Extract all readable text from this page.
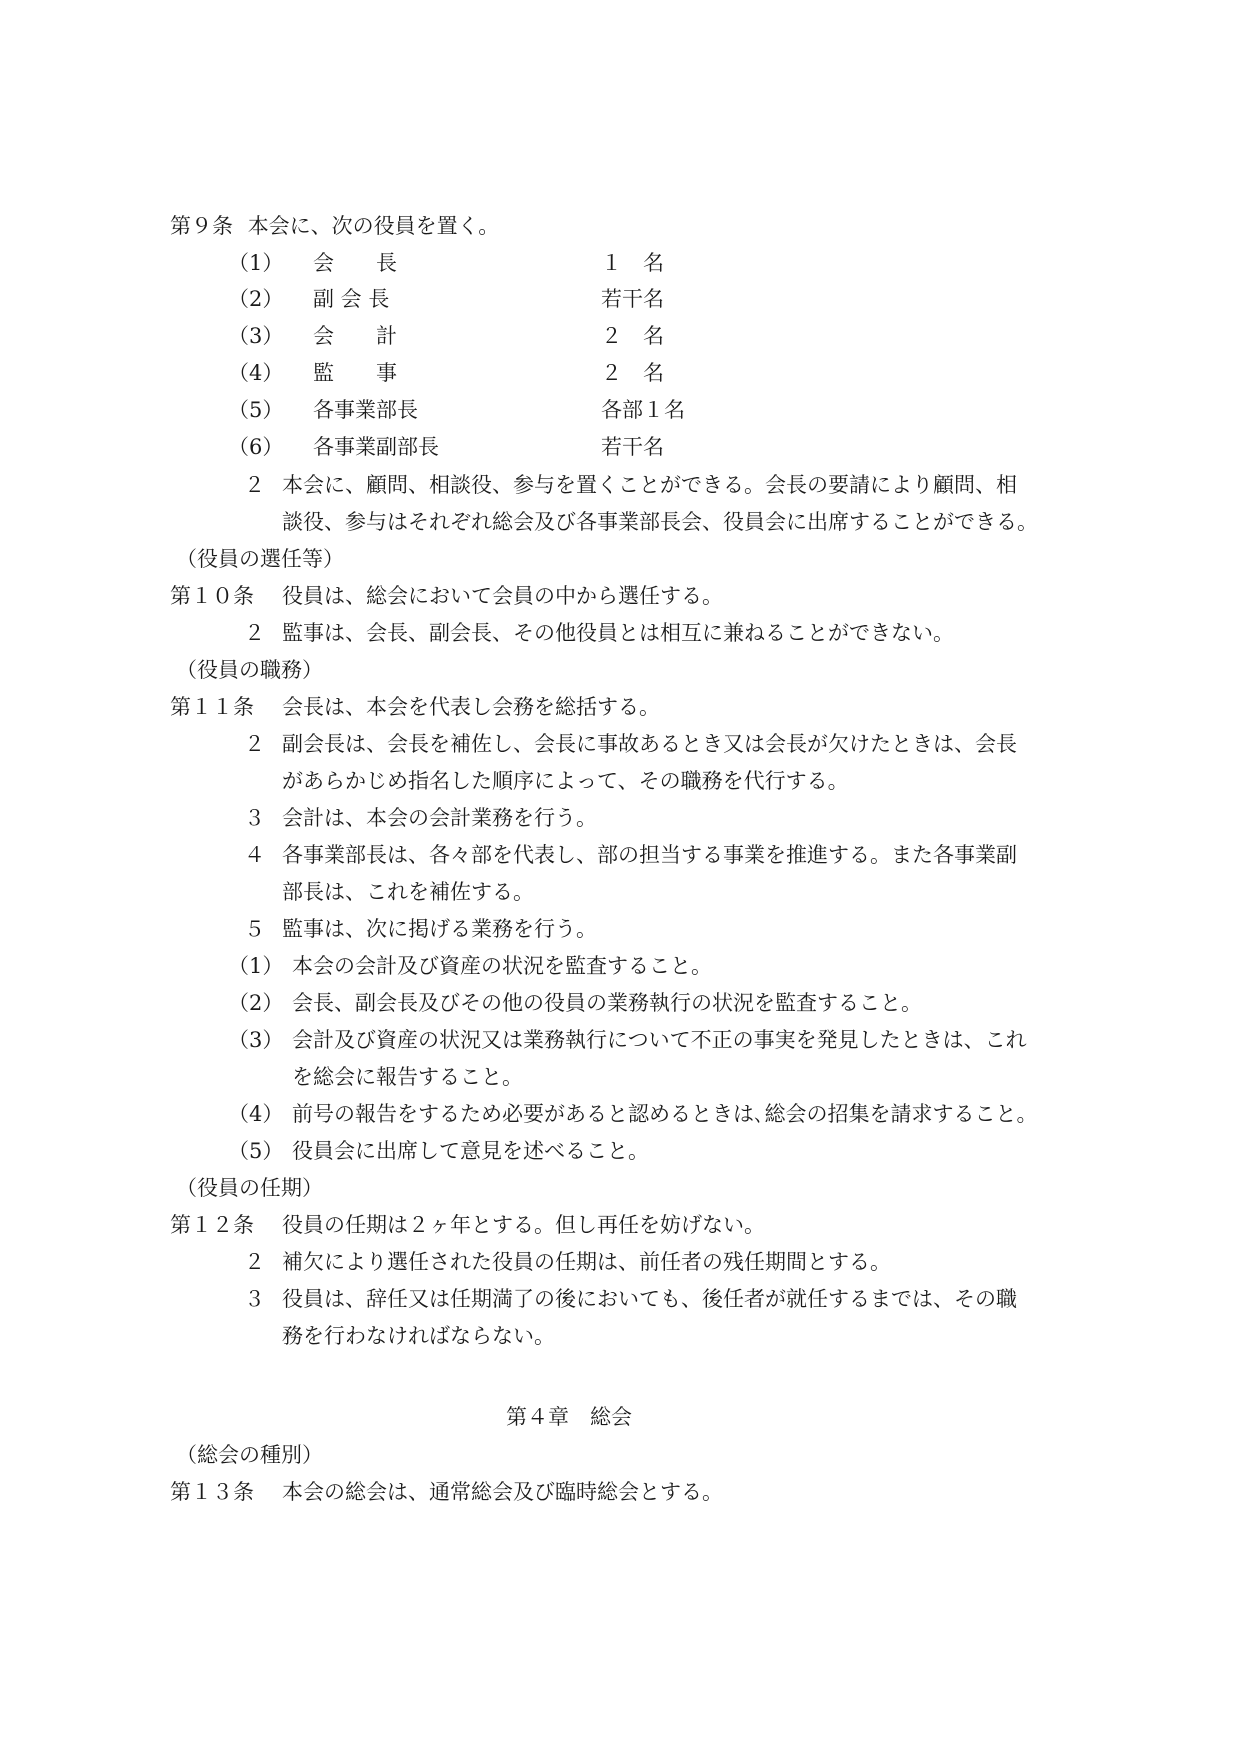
第９条 本会に、次の役員を置く。
（1） 会　　長	１　名
（2） 副 会 長	若干名
（3） 会　　計	２　名
（4） 監　　事	２　名
（5） 各事業部長	各部１名
（6） 各事業副部長	若干名
２ 本会に、顧問、相談役、参与を置くことができる。会長の要請により顧問、相
談役、参与はそれぞれ総会及び各事業部長会、役員会に出席することができる。
（役員の選任等）
第１０条 役員は、総会において会員の中から選任する。
２ 監事は、会長、副会長、その他役員とは相互に兼ねることができない。
（役員の職務）
第１１条 会長は、本会を代表し会務を総括する。
２ 副会長は、会長を補佐し、会長に事故あるとき又は会長が欠けたときは、会長
があらかじめ指名した順序によって、その職務を代行する。
３ 会計は、本会の会計業務を行う。
４ 各事業部長は、各々部を代表し、部の担当する事業を推進する。また各事業副
部長は、これを補佐する。
５ 監事は、次に掲げる業務を行う。
（1） 本会の会計及び資産の状況を監査すること。
（2） 会長、副会長及びその他の役員の業務執行の状況を監査すること。
（3） 会計及び資産の状況又は業務執行について不正の事実を発見したときは、これ
を総会に報告すること。
（4） 前号の報告をするため必要があると認めるときは､総会の招集を請求すること。
（5） 役員会に出席して意見を述べること。
（役員の任期）
第１２条 役員の任期は２ヶ年とする。但し再任を妨げない。
２ 補欠により選任された役員の任期は、前任者の残任期間とする。
３ 役員は、辞任又は任期満了の後においても、後任者が就任するまでは、その職
務を行わなければならない。
第４章　総会
（総会の種別）
第１３条 本会の総会は、通常総会及び臨時総会とする。
